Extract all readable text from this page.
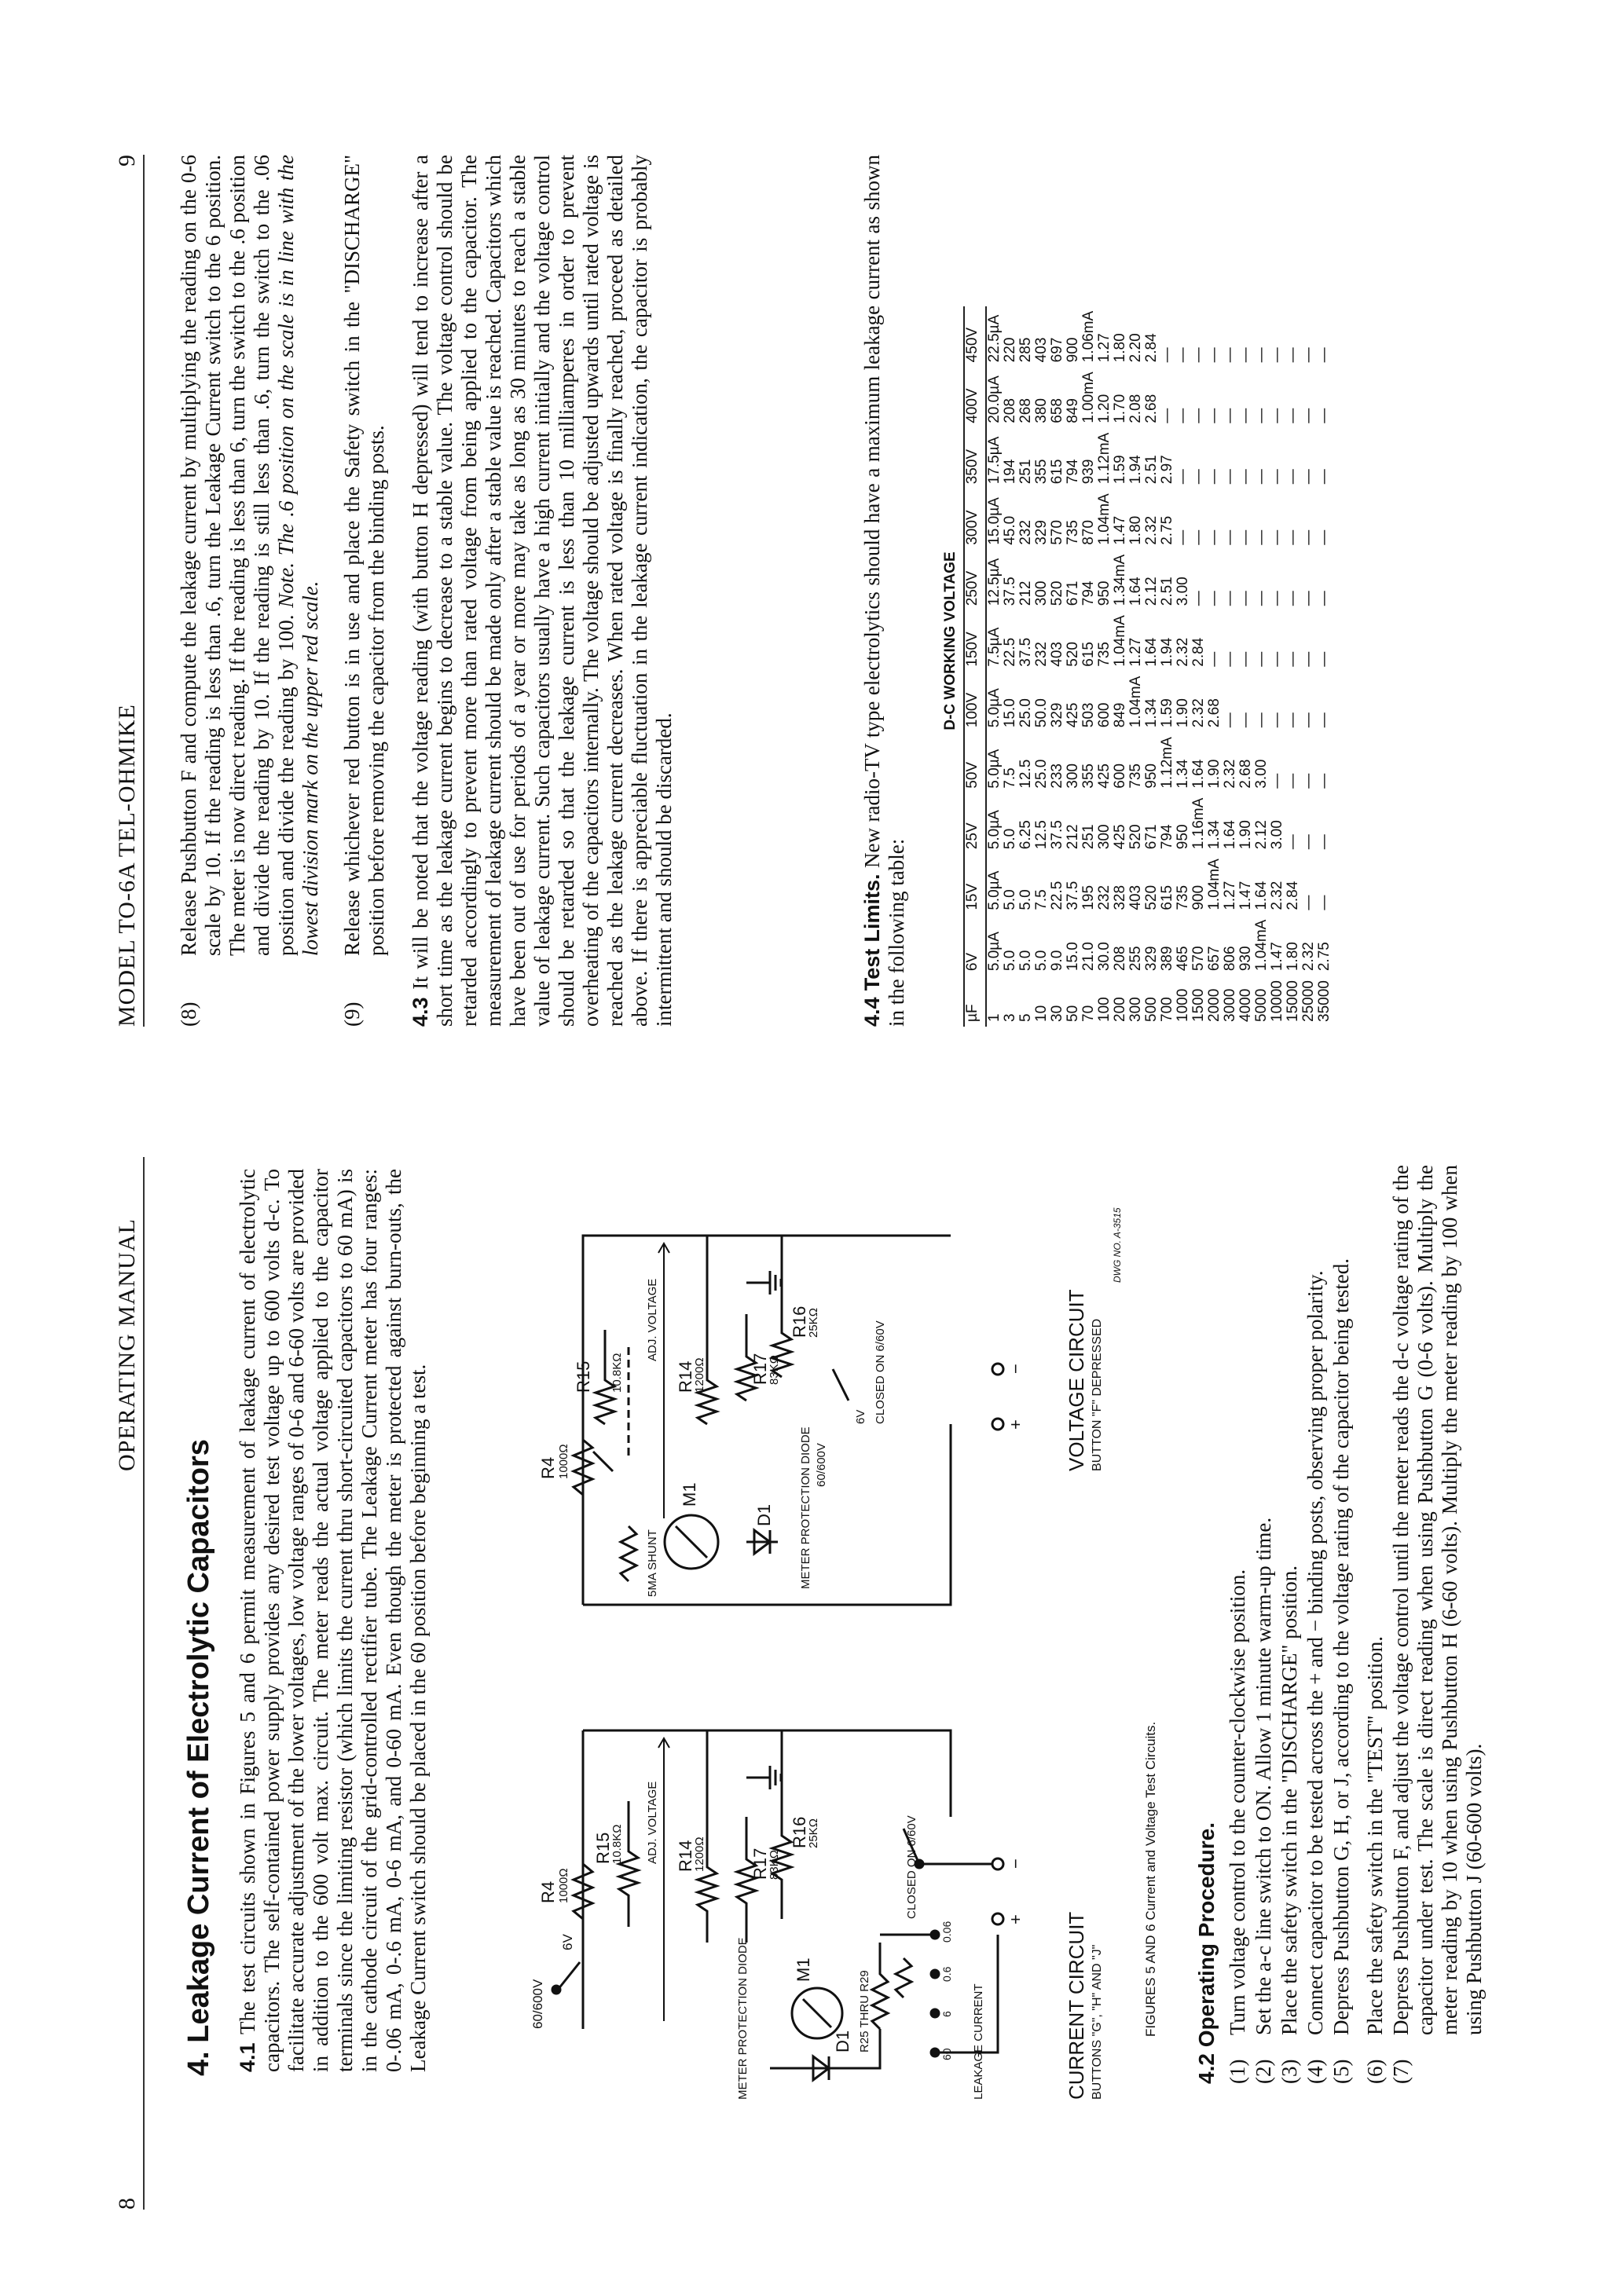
8
OPERATING MANUAL
4. Leakage Current of Electrolytic Capacitors 4.1 The test circuits shown in Figures 5 and 6 permit measurement of leakage current of electrolytic capacitors. The self-contained power supply provides any desired test voltage up to 600 volts d-c. To facilitate accurate adjustment of the lower voltages, low voltage ranges of 0-6 and 6-60 volts are provided in addition to the 600 volt max. circuit. The meter reads the actual voltage applied to the capacitor terminals since the limiting resistor (which limits the current thru short-circuited capacitors to 60 mA) is in the cathode circuit of the grid-controlled rectifier tube. The Leakage Current meter has four ranges: 0-.06 mA, 0-.6 mA, 0-6 mA, and 0-60 mA. Even though the meter is protected against burn-outs, the Leakage Current switch should be placed in the 60 position before beginning a test.	60/600V
6V
R4 1000Ω
R15
10.8KΩ ADJ. VOLTAGE R14
1200Ω	R17
83KΩ
R16
25KΩ	CLOSED ON 6/60V
METER PROTECTION DIODE	D1
M1
R25 THRU R29
0.06
0.6
6
60 LEAKAGE CURRENT
+
−
CURRENT CIRCUIT BUTTONS "G", "H" AND "J"
R4 1000Ω
5MA SHUNT
M1
D1 METER PROTECTION DIODE 60/600V
R15 10.8KΩ	R14
1200Ω	R17
83KΩ
R16
25KΩ
ADJ. VOLTAGE
6V CLOSED ON 6/60V
+
− VOLTAGE CIRCUIT BUTTON "F" DEPRESSED
DWG NO. A-3515
FIGURES 5 AND 6 Current and Voltage Test Circuits. 4.2 Operating Procedure. (1)
Turn voltage control to the counter-clockwise position.
(2)
Set the a-c line switch to ON. Allow 1 minute warm-up time.
(3)
Place the safety switch in the "DISCHARGE" position.
(4)
Connect capacitor to be tested across the + and − binding posts, observing proper polarity.
(5)
Depress Pushbutton G, H, or J, according to the voltage rating of the capacitor being tested.
(6)
Place the safety switch in the "TEST" position.
(7)
Depress Pushbutton F, and adjust the voltage control until the meter reads the d-c voltage rating of the capacitor under test. The scale is direct reading when using Pushbutton G (0-6 volts). Multiply the meter reading by 10 when using Pushbutton H (6-60 volts). Multiply the meter reading by 100 when using Pushbutton J (60-600 volts).
MODEL TO-6A TEL-OHMIKE
9
(8)
Release Pushbutton F and compute the leakage current by multiplying the reading on the 0-6 scale by 10. If the reading is less than .6, turn the Leakage Current switch to the 6 position. The meter is now direct reading. If the reading is less than 6, turn the switch to the .6 position and divide the reading by 10. If the reading is still less than .6, turn the switch to the .06 position and divide the reading by 100. Note. The .6 position on the scale is in line with the lowest division mark on the upper red scale.
(9)
Release whichever red button is in use and place the Safety switch in the "DISCHARGE" position before removing the capacitor from the binding posts.
4.3 It will be noted that the voltage reading (with button H depressed) will tend to increase after a short time as the leakage current begins to decrease to a stable value. The voltage control should be retarded accordingly to prevent more than rated voltage from being applied to the capacitor. The measurement of leakage current should be made only after a stable value is reached. Capacitors which have been out of use for periods of a year or more may take as long as 30 minutes to reach a stable value of leakage current. Such capacitors usually have a high current initially and the voltage control should be retarded so that the leakage current is less than 10 milliamperes in order to prevent overheating of the capacitors internally. The voltage should be adjusted upwards until rated voltage is reached as the leakage current decreases. When rated voltage is finally reached, proceed as detailed above. If there is appreciable fluctuation in the leakage current indication, the capacitor is probably intermittent and should be discarded.	4.4 Test Limits. New radio-TV type electrolytics should have a maximum leakage current as shown in the following table:
	D-C WORKING VOLTAGE										
µF	6V	15V	25V	50V	100V	150V	250V	300V	350V	400V	450V
1	5.0µA	5.0µA	5.0µA	5.0µA	5.0µA	7.5µA	12.5µA	15.0µA	17.5µA	20.0µA	22.5µA
3	5.0	5.0	5.0	7.5	15.0	22.5	37.5	45.0	194	208	220
5	5.0	5.0	6.25	12.5	25.0	37.5	212	232	251	268	285
10	5.0	7.5	12.5	25.0	50.0	232	300	329	355	380	403
30	9.0	22.5	37.5	233	329	403	520	570	615	658	697
50	15.0	37.5	212	300	425	520	671	735	794	849	900
70	21.0	195	251	355	503	615	794	870	939	1.00mA	1.06mA
100	30.0	232	300	425	600	735	950	1.04mA	1.12mA	1.20	1.27
200	208	328	425	600	849	1.04mA	1.34mA	1.47	1.59	1.70	1.80
300	255	403	520	735	1.04mA	1.27	1.64	1.80	1.94	2.08	2.20
500	329	520	671	950	1.34	1.64	2.12	2.32	2.51	2.68	2.84
700	389	615	794	1.12mA	1.59	1.94	2.51	2.75	2.97	—	—
1000	465	735	950	1.34	1.90	2.32	3.00	—	—	—	—
1500	570	900	1.16mA	1.64	2.32	2.84	—	—	—	—	—
2000	657	1.04mA	1.34	1.90	2.68	—	—	—	—	—	—
3000	806	1.27	1.64	2.32	—	—	—	—	—	—	—
4000	930	1.47	1.90	2.68	—	—	—	—	—	—	—
5000	1.04mA	1.64	2.12	3.00	—	—	—	—	—	—	—
10000	1.47	2.32	3.00	—	—	—	—	—	—	—	—
15000	1.80	2.84	—	—	—	—	—	—	—	—	—
25000	2.32	—	—	—	—	—	—	—	—	—	—
35000	2.75	—	—	—	—	—	—	—	—	—	—
